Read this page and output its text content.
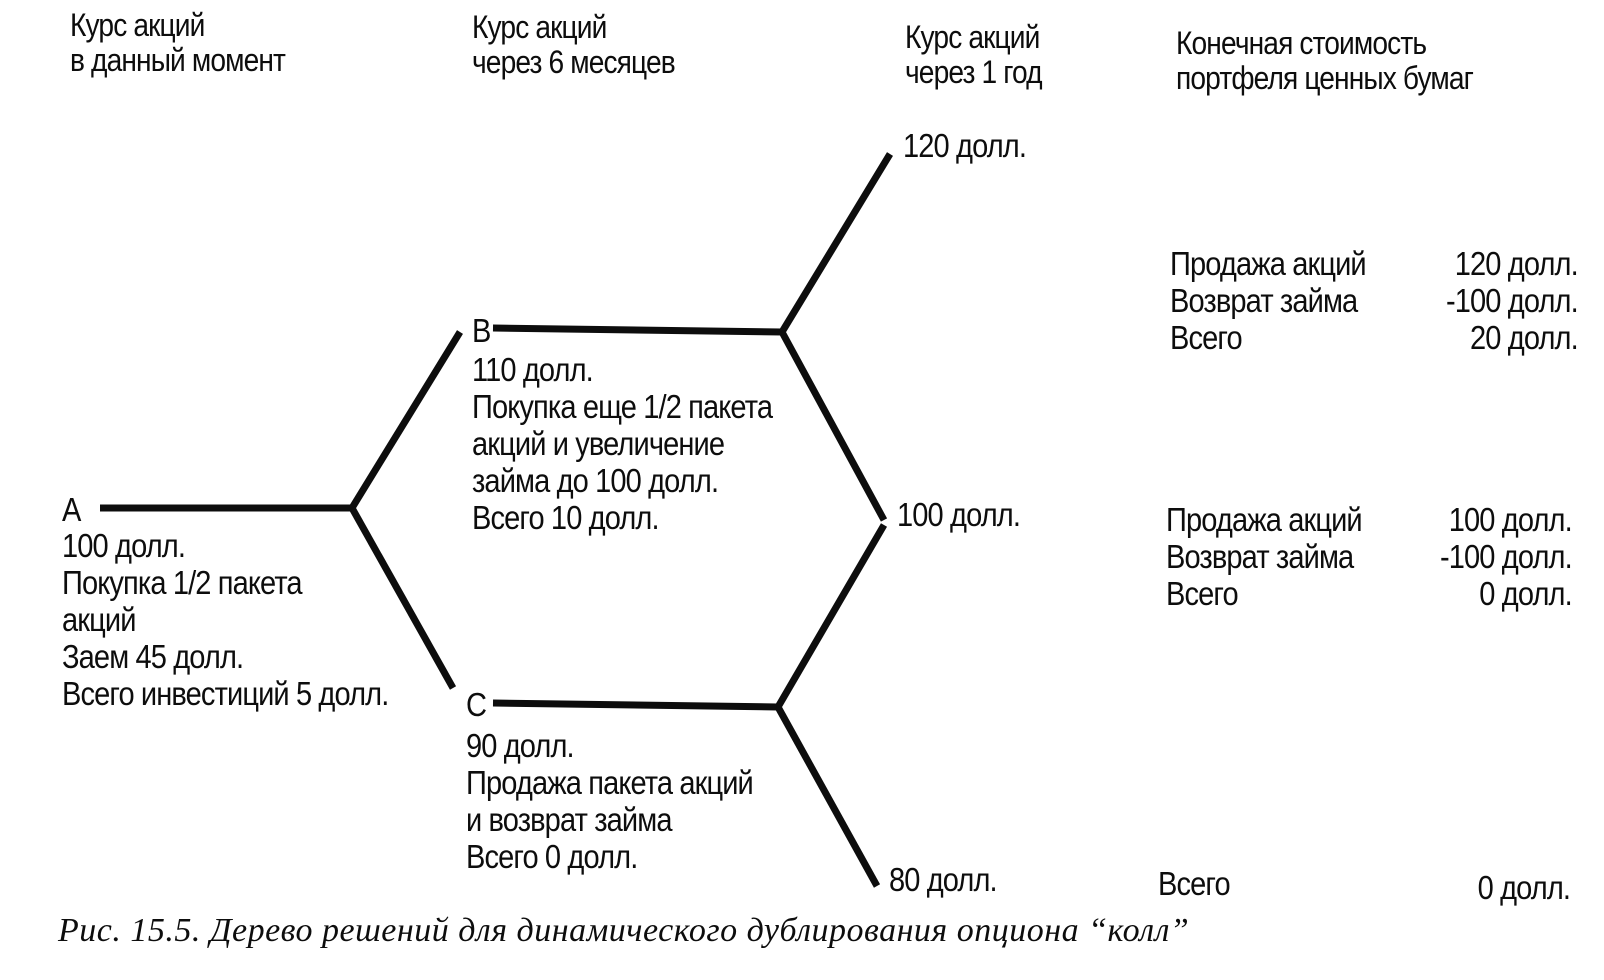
Курс акций
в данный момент
Курс акций
через 6 месяцев
Курс акций
через 1 год
Конечная стоимость
портфеля ценных бумаг
A
B
C
100 долл.
Покупка 1/2 пакета
акций
Заем 45 долл.
Всего инвестиций 5 долл.
110 долл.
Покупка еще 1/2 пакета
акций и увеличение
займа до 100 долл.
Всего 10 долл.
90 долл.
Продажа пакета акций
и возврат займа
Всего 0 долл.
120 долл.
100 долл.
80 долл.
Продажа акций
Возврат займа
Всего
120 долл.
-100 долл.
20 долл.
Продажа акций
Возврат займа
Всего
100 долл.
-100 долл.
0 долл.
Всего	0 долл.
Рис. 15.5. Дерево решений для динамического дублирования опциона “колл”
